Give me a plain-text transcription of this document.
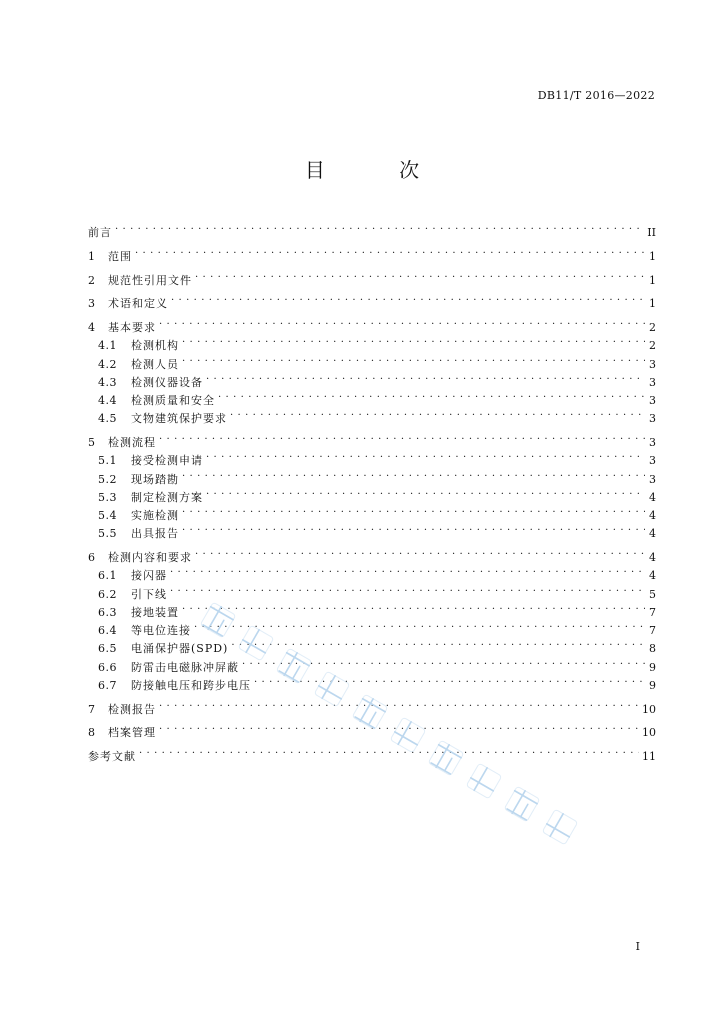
DB11/T 2016—2022
目 次
前言 . . .	II
1	范围 . . .	1
2	规范性引用文件 . . .	1
3	术语和定义 . . .	1
4	基本要求 . . .	2
4.1	检测机构 . . .	2
4.2	检测人员 . . .	3
4.3	检测仪器设备 . . .	3
4.4	检测质量和安全 . . .	3
4.5	文物建筑保护要求 . . .	3
5	检测流程 . . .	3
5.1	接受检测申请 . . .	3
5.2	现场踏勘 . . .	3
5.3	制定检测方案 . . .	4
5.4	实施检测 . . .	4
5.5	出具报告 . . .	4
6	检测内容和要求 . . .	4
6.1	接闪器 . . .	4
6.2	引下线 . . .	5
6.3	接地装置 . . .	7
6.4	等电位连接 . . .	7
6.5	电涌保护器(SPD) . . .	8
6.6	防雷击电磁脉冲屏蔽 . . .	9
6.7	防接触电压和跨步电压 . . .	9
7	检测报告 . . .	10
8	档案管理 . . .	10
参考文献 . . .	11
I
